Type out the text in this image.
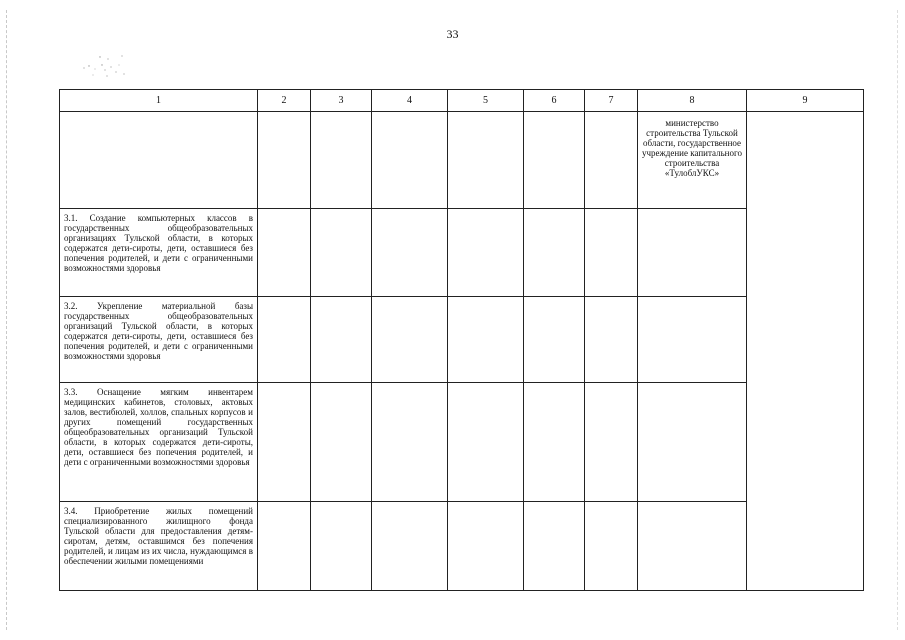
33
1	2	3	4	5	6	7	8	9
							министерство строительства Тульской области, государственное учреждение капитального строительства «ТулоблУКС»	
3.1. Создание компьютерных классов в государственных общеобразовательных организациях Тульской области, в которых содержатся дети-сироты, дети, оставшиеся без попечения родителей, и дети с ограниченными возможностями здоровья								
3.2. Укрепление материальной базы государственных общеобразовательных организаций Тульской области, в которых содержатся дети-сироты, дети, оставшиеся без попечения родителей, и дети с ограниченными возможностями здоровья								
3.3. Оснащение мягким инвентарем медицинских кабинетов, столовых, актовых залов, вестибюлей, холлов, спальных корпусов и других помещений государственных общеобразовательных организаций Тульской области, в которых содержатся дети-сироты, дети, оставшиеся без попечения родителей, и дети с ограниченными возможностями здоровья								
3.4. Приобретение жилых помещений специализированного жилищного фонда Тульской области для предоставления детям-сиротам, детям, оставшимся без попечения родителей, и лицам из их числа, нуждающимся в обеспечении жилыми помещениями								
